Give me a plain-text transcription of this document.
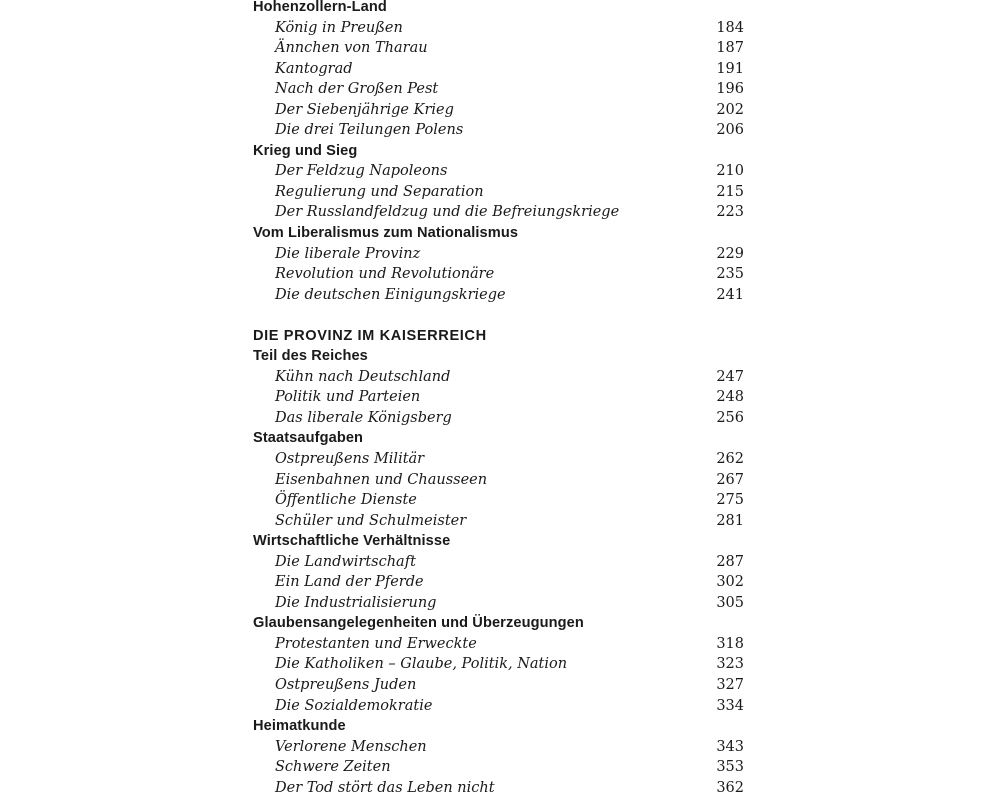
Hohenzollern-Land
König in Preußen	184
Ännchen von Tharau	187
Kantograd	191
Nach der Großen Pest	196
Der Siebenjährige Krieg	202
Die drei Teilungen Polens	206
Krieg und Sieg
Der Feldzug Napoleons	210
Regulierung und Separation	215
Der Russlandfeldzug und die Befreiungskriege	223
Vom Liberalismus zum Nationalismus
Die liberale Provinz	229
Revolution und Revolutionäre	235
Die deutschen Einigungskriege	241
DIE PROVINZ IM KAISERREICH
Teil des Reiches
Kühn nach Deutschland	247
Politik und Parteien	248
Das liberale Königsberg	256
Staatsaufgaben
Ostpreußens Militär	262
Eisenbahnen und Chausseen	267
Öffentliche Dienste	275
Schüler und Schulmeister	281
Wirtschaftliche Verhältnisse
Die Landwirtschaft	287
Ein Land der Pferde	302
Die Industrialisierung	305
Glaubensangelegenheiten und Überzeugungen
Protestanten und Erweckte	318
Die Katholiken – Glaube, Politik, Nation	323
Ostpreußens Juden	327
Die Sozialdemokratie	334
Heimatkunde
Verlorene Menschen	343
Schwere Zeiten	353
Der Tod stört das Leben nicht	362
